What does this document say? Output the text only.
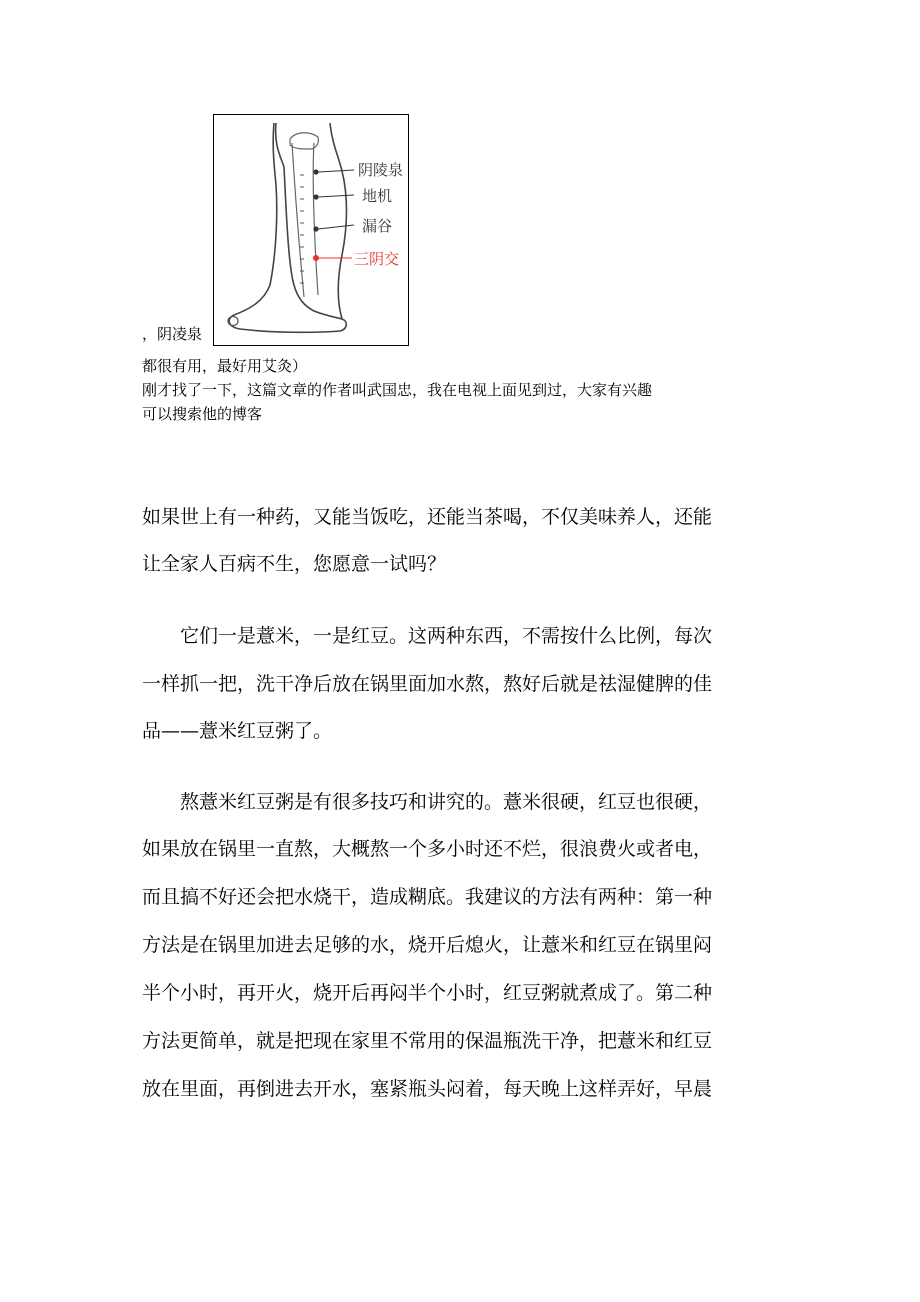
阴陵泉
地机
漏谷
三阴交
，阴凌泉
都很有用，最好用艾灸）
刚才找了一下，这篇文章的作者叫武国忠，我在电视上面见到过，大家有兴趣
可以搜索他的博客
如果世上有一种药，又能当饭吃，还能当茶喝，不仅美味养人，还能
让全家人百病不生，您愿意一试吗？
它们一是薏米，一是红豆。这两种东西，不需按什么比例，每次
一样抓一把，洗干净后放在锅里面加水熬，熬好后就是祛湿健脾的佳
品——薏米红豆粥了。
熬薏米红豆粥是有很多技巧和讲究的。薏米很硬，红豆也很硬，
如果放在锅里一直熬，大概熬一个多小时还不烂，很浪费火或者电，
而且搞不好还会把水烧干，造成糊底。我建议的方法有两种：第一种
方法是在锅里加进去足够的水，烧开后熄火，让薏米和红豆在锅里闷
半个小时，再开火，烧开后再闷半个小时，红豆粥就煮成了。第二种
方法更简单，就是把现在家里不常用的保温瓶洗干净，把薏米和红豆
放在里面，再倒进去开水，塞紧瓶头闷着，每天晚上这样弄好，早晨
